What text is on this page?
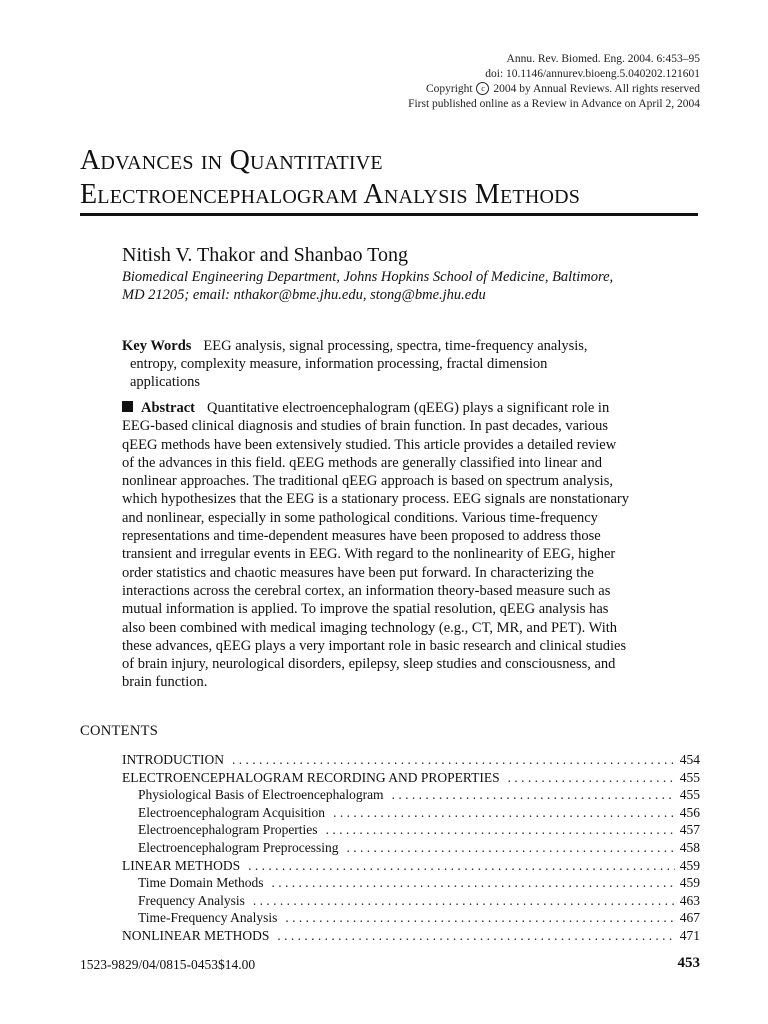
Annu. Rev. Biomed. Eng. 2004. 6:453–95
doi: 10.1146/annurev.bioeng.5.040202.121601
Copyright c 2004 by Annual Reviews. All rights reserved
First published online as a Review in Advance on April 2, 2004
Advances in Quantitative
Electroencephalogram Analysis Methods
Nitish V. Thakor and Shanbao Tong
Biomedical Engineering Department, Johns Hopkins School of Medicine, Baltimore,
MD 21205; email: nthakor@bme.jhu.edu, stong@bme.jhu.edu
Key Words EEG analysis, signal processing, spectra, time-frequency analysis,
entropy, complexity measure, information processing, fractal dimension
applications
Abstract Quantitative electroencephalogram (qEEG) plays a significant role in
EEG-based clinical diagnosis and studies of brain function. In past decades, various
qEEG methods have been extensively studied. This article provides a detailed review
of the advances in this field. qEEG methods are generally classified into linear and
nonlinear approaches. The traditional qEEG approach is based on spectrum analysis,
which hypothesizes that the EEG is a stationary process. EEG signals are nonstationary
and nonlinear, especially in some pathological conditions. Various time-frequency
representations and time-dependent measures have been proposed to address those
transient and irregular events in EEG. With regard to the nonlinearity of EEG, higher
order statistics and chaotic measures have been put forward. In characterizing the
interactions across the cerebral cortex, an information theory-based measure such as
mutual information is applied. To improve the spatial resolution, qEEG analysis has
also been combined with medical imaging technology (e.g., CT, MR, and PET). With
these advances, qEEG plays a very important role in basic research and clinical studies
of brain injury, neurological disorders, epilepsy, sleep studies and consciousness, and
brain function.
CONTENTS
INTRODUCTION . . .	454
ELECTROENCEPHALOGRAM RECORDING AND PROPERTIES . . .	455
Physiological Basis of Electroencephalogram . . .	455
Electroencephalogram Acquisition . . .	456
Electroencephalogram Properties . . .	457
Electroencephalogram Preprocessing . . .	458
LINEAR METHODS . . .	459
Time Domain Methods . . .	459
Frequency Analysis . . .	463
Time-Frequency Analysis . . .	467
NONLINEAR METHODS . . .	471
1523-9829/04/0815-0453$14.00	453
